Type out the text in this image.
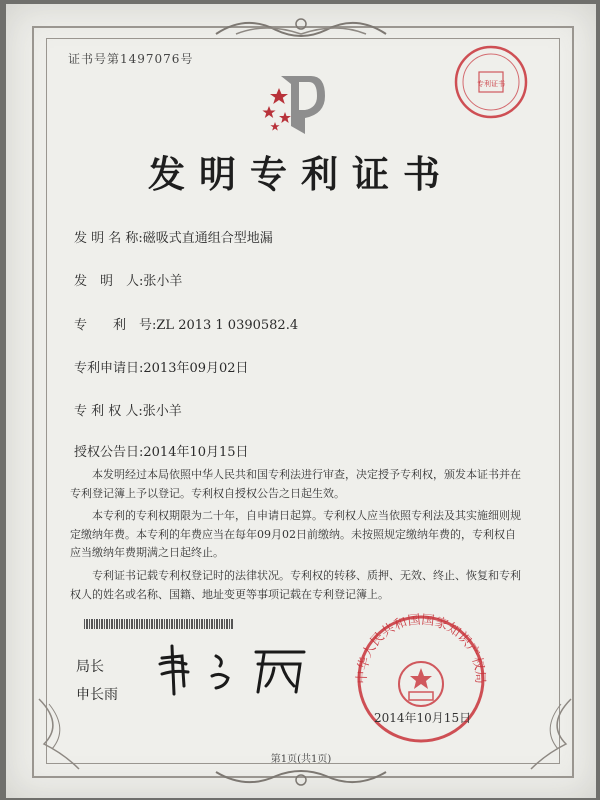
证书号第1497076号
专利证书
发明专利证书
发 明 名 称:磁吸式直通组合型地漏
发　明　人:张小羊
专　　利　号:ZL 2013 1 0390582.4
专利申请日:2013年09月02日
专 利 权 人:张小羊
授权公告日:2014年10月15日
本发明经过本局依照中华人民共和国专利法进行审查，决定授予专利权，颁发本证书并在专利登记簿上予以登记。专利权自授权公告之日起生效。
本专利的专利权期限为二十年，自申请日起算。专利权人应当依照专利法及其实施细则规定缴纳年费。本专利的年费应当在每年09月02日前缴纳。未按照规定缴纳年费的，专利权自应当缴纳年费期满之日起终止。
专利证书记载专利权登记时的法律状况。专利权的转移、质押、无效、终止、恢复和专利权人的姓名或名称、国籍、地址变更等事项记载在专利登记簿上。
局长
申长雨
中华人民共和国国家知识产权局
2014年10月15日
第1页(共1页)
